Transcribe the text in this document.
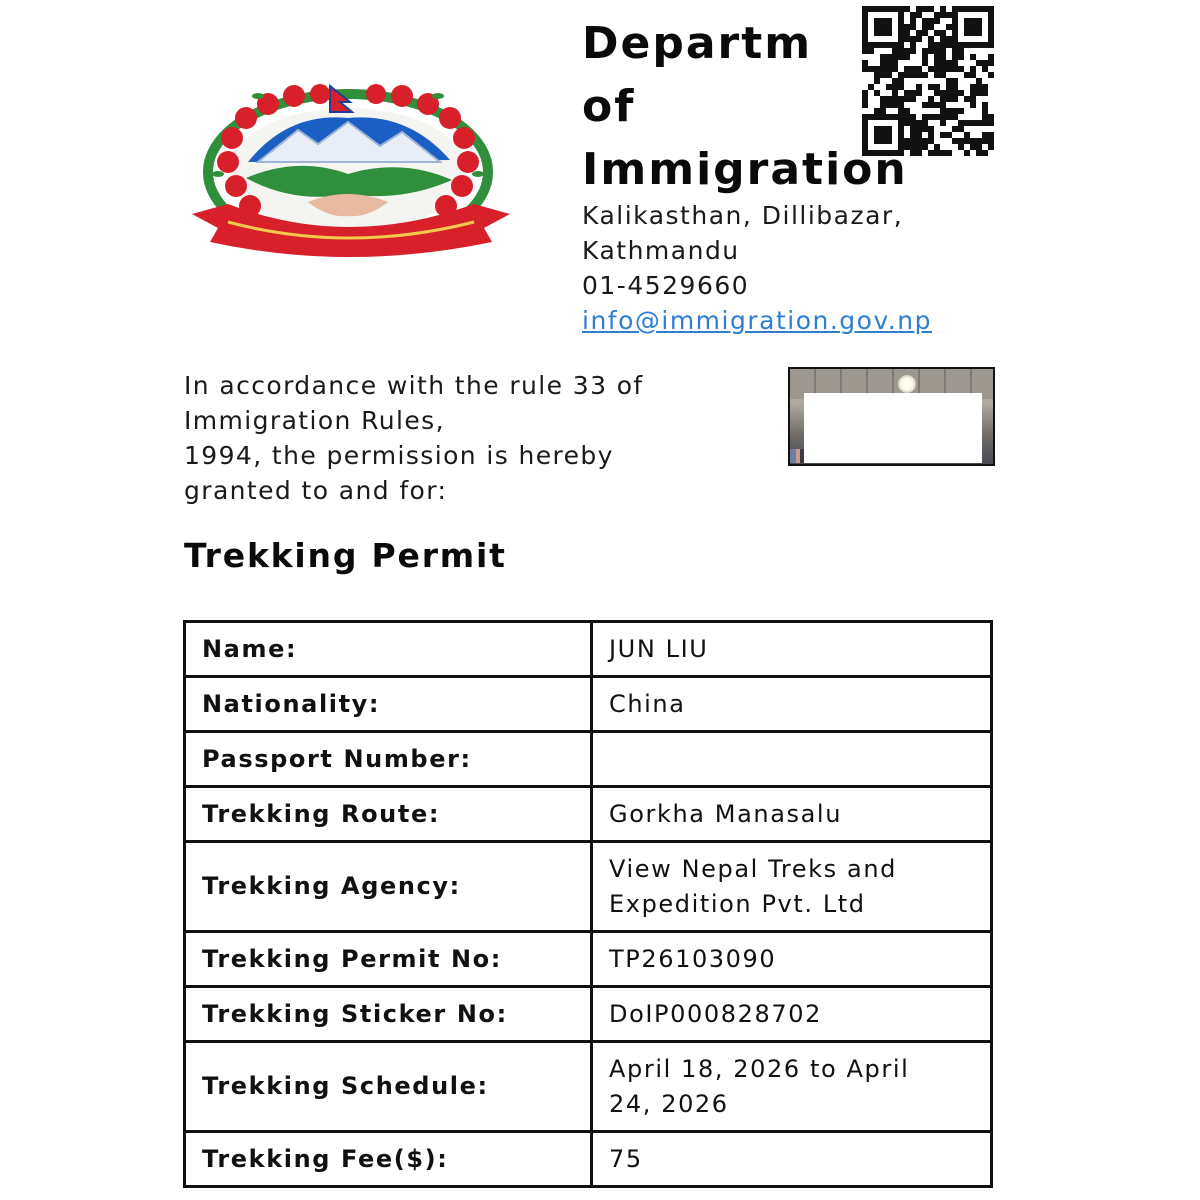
Departm
of
Immigration
Kalikasthan, Dillibazar,
Kathmandu
01-4529660
info@immigration.gov.np
In accordance with the rule 33 of
Immigration Rules,
1994, the permission is hereby
granted to and for:
Trekking Permit
Name:	JUN LIU

Nationality:	China

Passport Number:	

Trekking Route:	Gorkha Manasalu

Trekking Agency:	View Nepal Treks and
Expedition Pvt. Ltd

Trekking Permit No:	TP26103090

Trekking Sticker No:	DoIP000828702

Trekking Schedule:	April 18, 2026 to April
24, 2026

Trekking Fee($):	75
